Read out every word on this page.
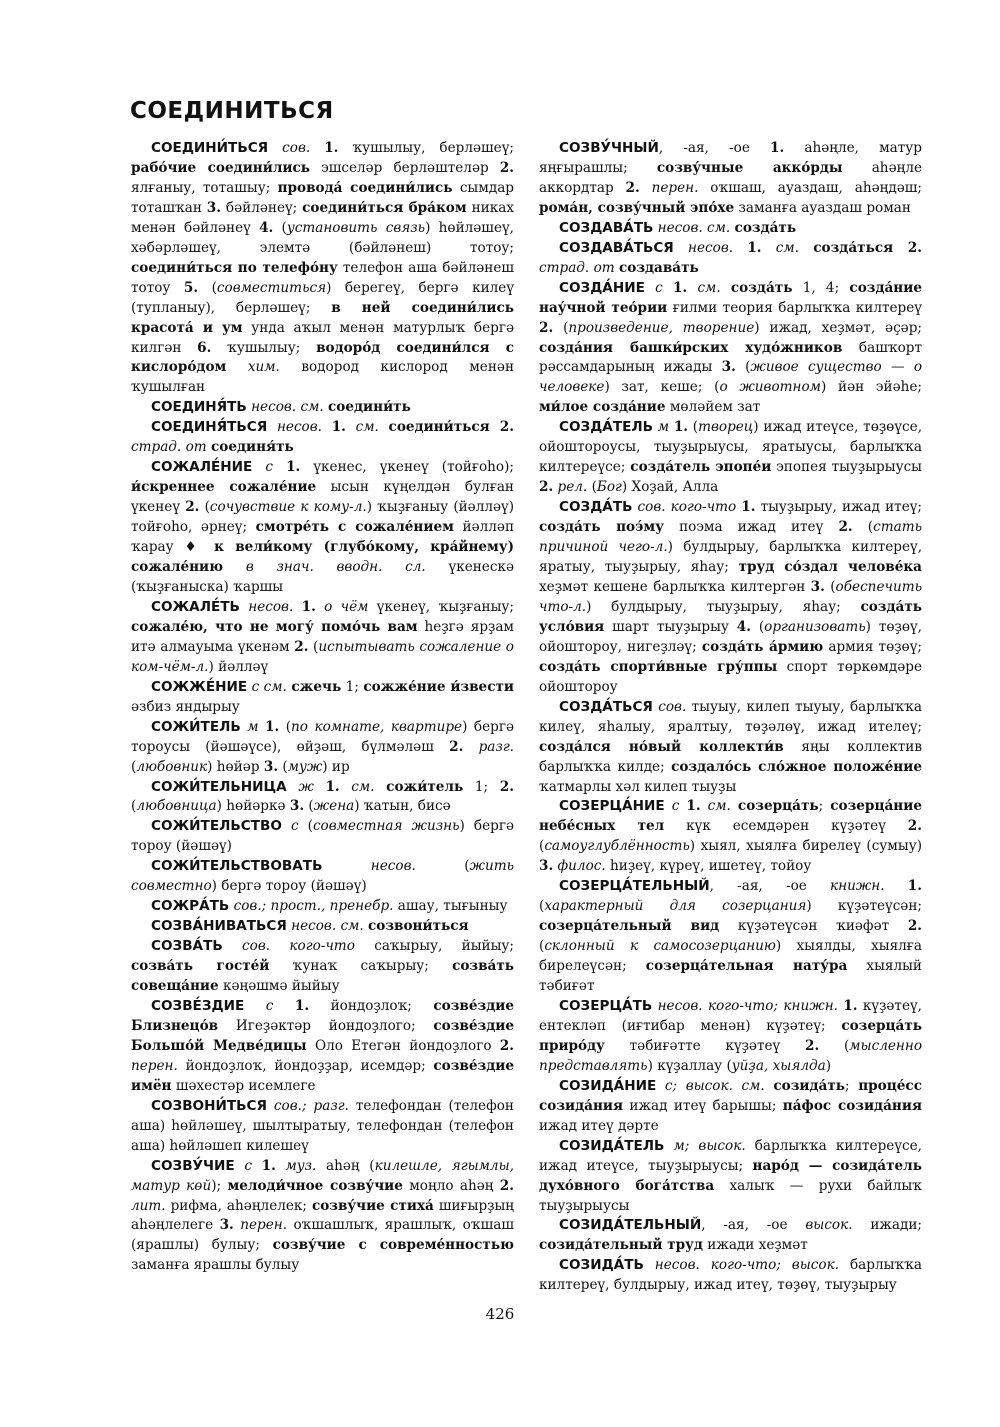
СОЕДИНИТЬСЯ

СОЕДИНИ́ТЬСЯ сов. 1. ҡушылыу, берләшеү; рабо́чие соедини́лись эшселәр берләштеләр 2. ялғаныу, тоташыу; провода́ соедини́лись сымдар тоташҡан 3. бәйләнеү; соедини́ться бра́ком никах менән бәйләнеү 4. (установить связь) һөйләшеү, хәбәрләшеү, элемтә (бәйләнеш) тотоу; соедини́ться по телефо́ну телефон аша бәйләнеш тотоу 5. (совместиться) берегеү, бергә килеү (тупланыу), берләшеү; в ней соедини́лись красота́ и ум унда аҡыл менән матурлыҡ бергә килгән 6. ҡушылыу; водоро́д соедини́лся с кислоро́дом хим. водород кислород менән ҡушылған

СОЕДИНЯ́ТЬ несов. см. соедини́ть

СОЕДИНЯ́ТЬСЯ несов. 1. см. соедини́ться 2. страд. от соединя́ть

СОЖАЛЕ́НИЕ с 1. үкенес, үкенеү (тойғоһо); и́скреннее сожале́ние ысын күңелдән булған үкенеү 2. (сочувствие к кому-л.) ҡыҙғаныу (йәлләү) тойғоһо, әрнеү; смотре́ть с сожале́нием йәлләп ҡарау ♦ к вели́кому (глубо́кому, кра́йнему) сожале́нию в знач. вводн. сл. үкенескә (ҡыҙғаныска) ҡаршы

СОЖАЛЕ́ТЬ несов. 1. о чём үкенеү, ҡыҙғаныу; сожале́ю, что не могу́ помо́чь вам һеҙгә ярҙам итә алмауыма үкенәм 2. (испытывать сожаление о ком-чём-л.) йәлләү

СОЖЖЕ́НИЕ с см. сжечь 1; сожже́ние и́звести әзбиз яндырыу

СОЖИ́ТЕЛЬ м 1. (по комнате, квартире) бергә тороусы (йәшәүсе), өйҙәш, бүлмәләш 2. разг. (любовник) һөйәр 3. (муж) ир

СОЖИ́ТЕЛЬНИЦА ж 1. см. сожи́тель 1; 2. (любовница) һөйәркә 3. (жена) ҡатын, бисә

СОЖИ́ТЕЛЬСТВО с (совместная жизнь) бергә тороу (йәшәү)

СОЖИ́ТЕЛЬСТВОВАТЬ несов. (жить совместно) бергә тороу (йәшәү)

СОЖРА́ТЬ сов.; прост., пренебр. ашау, тығыныу

СОЗВА́НИВАТЬСЯ несов. см. созвони́ться

СОЗВА́ТЬ сов. кого-что саҡырыу, йыйыу; созва́ть госте́й ҡунаҡ саҡырыу; созва́ть совеща́ние кәңәшмә йыйыу

СОЗВЕ́ЗДИЕ с 1. йондоҙлоҡ; созве́здие Близнецо́в Игеҙәктәр йондоҙлого; созве́здие Большо́й Медве́дицы Оло Етегән йондоҙлого 2. перен. йондоҙлоҡ, йондоҙҙар, исемдәр; созве́здие имён шәхестәр исемлеге

СОЗВОНИ́ТЬСЯ сов.; разг. телефондан (телефон аша) һөйләшеү, шылтыратыу, телефондан (телефон аша) һөйләшеп килешеү

СОЗВУ́ЧИЕ с 1. муз. аһәң (килешле, ягымлы, матур көй); мелоди́чное созву́чие моңло аһәң 2. лит. рифма, аһәңлелек; созву́чие стиха́ шиғырҙың аһәңлелеге 3. перен. оҡшашлыҡ, ярашлыҡ, оҡшаш (ярашлы) булыу; созву́чие с совреме́нностью заманға ярашлы булыу

СОЗВУ́ЧНЫЙ, -ая, -ое 1. аһәңле, матур яңғырашлы; созву́чные акко́рды аһәңле аккордтар 2. перен. оҡшаш, ауаздаш, аһәңдәш; рома́н, созву́чный эпо́хе заманға ауаздаш роман

СОЗДАВА́ТЬ несов. см. созда́ть

СОЗДАВА́ТЬСЯ несов. 1. см. созда́ться 2. страд. от создава́ть

СОЗДА́НИЕ с 1. см. созда́ть 1, 4; созда́ние нау́чной тео́рии ғилми теория барлыҡҡа килтереү 2. (произведение, творение) ижад, хеҙмәт, әҫәр; созда́ния башки́рских худо́жников башҡорт рәссамдарының ижады 3. (живое существо — о человеке) зат, кеше; (о животном) йән эйәһе; ми́лое созда́ние мөләйем зат

СОЗДА́ТЕЛЬ м 1. (творец) ижад итеүсе, төҙөүсе, ойоштороусы, тыуҙырыусы, яратыусы, барлыҡҡа килтереүсе; созда́тель эпопе́и эпопея тыуҙырыусы 2. рел. (Бог) Хоҙай, Алла

СОЗДА́ТЬ сов. кого-что 1. тыуҙырыу, ижад итеү; созда́ть поэ́му поэма ижад итеү 2. (стать причиной чего-л.) булдырыу, барлыҡҡа килтереү, яратыу, тыуҙырыу, яһау; труд со́здал челове́ка хеҙмәт кешене барлыҡҡа килтергән 3. (обеспечить что-л.) булдырыу, тыуҙырыу, яһау; созда́ть усло́вия шарт тыуҙырыу 4. (организовать) төҙөү, ойоштороу, нигеҙләү; созда́ть а́рмию армия төҙөү; созда́ть спорти́вные гру́ппы спорт төркөмдәре ойоштороу

СОЗДА́ТЬСЯ сов. тыуыу, килеп тыуыу, барлыҡҡа килеү, яһалыу, яралтыу, төҙәлөү, ижад ителеү; созда́лся но́вый коллекти́в яңы коллектив барлыҡҡа килде; создало́сь сло́жное положе́ние ҡатмарлы хәл килеп тыуҙы

СОЗЕРЦА́НИЕ с 1. см. созерца́ть; созерца́ние небе́сных тел күк есемдәрен күҙәтеү 2. (самоуглублённость) хыял, хыялға бирелеү (сумыу) 3. филос. һиҙеү, күреү, ишетеү, тойоу

СОЗЕРЦА́ТЕЛЬНЫЙ, -ая, -ое книжн. 1. (характерный для созерцания) күҙәтеүсән; созерца́тельный вид күҙәтеүсән ҡиәфәт 2. (склонный к самосозерцанию) хыялды, хыялға бирелеүсән; созерца́тельная нату́ра хыялый тәбиғәт

СОЗЕРЦА́ТЬ несов. кого-что; книжн. 1. күҙәтеү, ентекләп (иғтибар менән) күҙәтеү; созерца́ть приро́ду тәбиғәтте күҙәтеү 2. (мысленно представлять) күҙаллау (уйҙа, хыялда)

СОЗИДА́НИЕ с; высок. см. созида́ть; проце́сс созида́ния ижад итеү барышы; па́фос созида́ния ижад итеү дәрте

СОЗИДА́ТЕЛЬ м; высок. барлыҡҡа килтереүсе, ижад итеүсе, тыуҙырыусы; наро́д — созида́тель духо́вного бога́тства халыҡ — рухи байлыҡ тыуҙырыусы

СОЗИДА́ТЕЛЬНЫЙ, -ая, -ое высок. ижади; созида́тельный труд ижади хеҙмәт

СОЗИДА́ТЬ несов. кого-что; высок. барлыҡҡа килтереү, булдырыу, ижад итеү, төҙөү, тыуҙырыу

426
